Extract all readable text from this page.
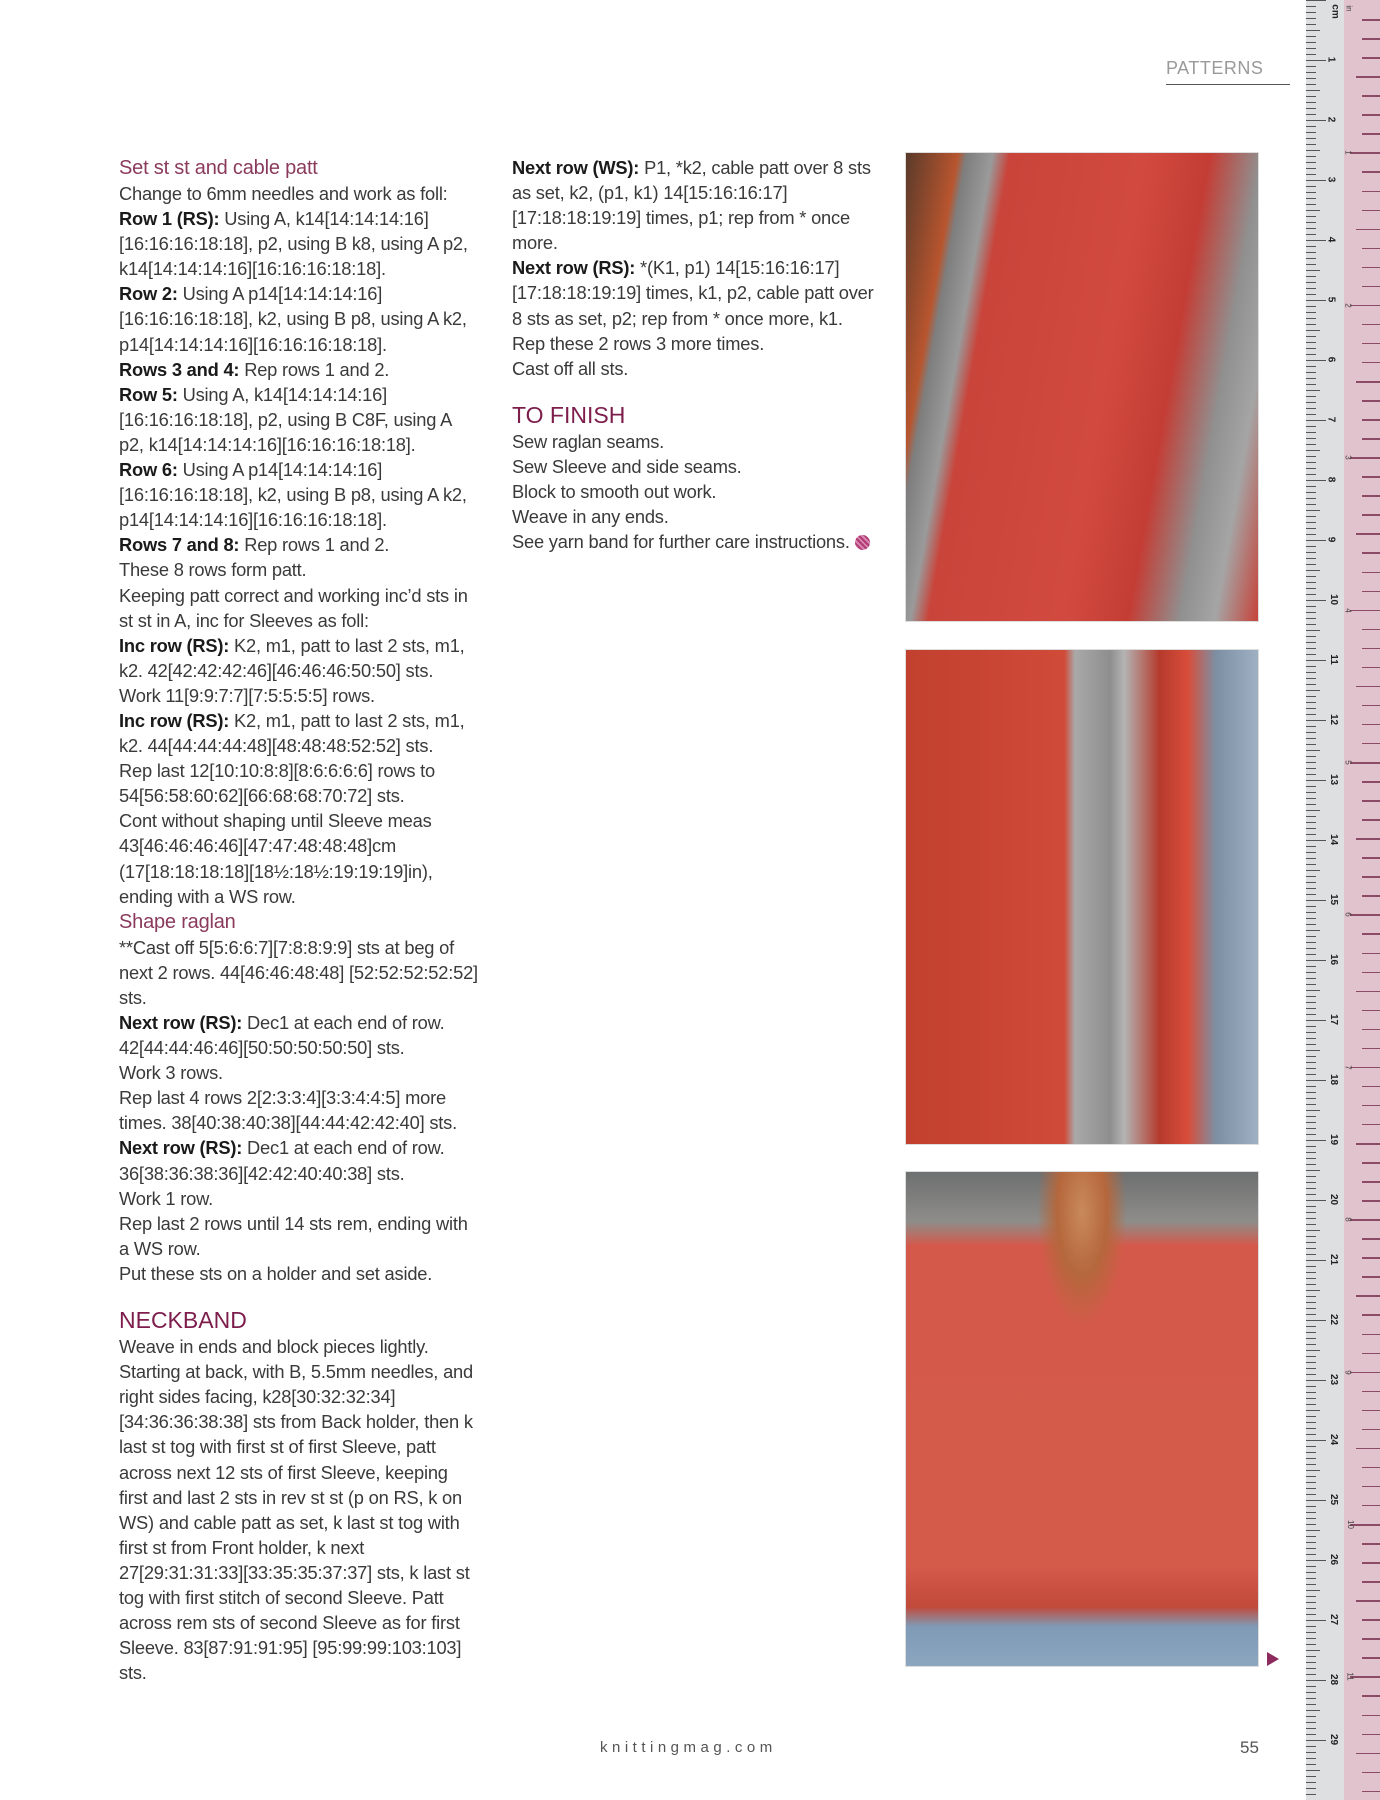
PATTERNS
Set st st and cable patt
Change to 6mm needles and work as foll:
Row 1 (RS): Using A, k14[14:14:14:16] [16:16:16:18:18], p2, using B k8, using A p2, k14[14:14:14:16][16:16:16:18:18].
Row 2: Using A p14[14:14:14:16] [16:16:16:18:18], k2, using B p8, using A k2, p14[14:14:14:16][16:16:16:18:18].
Rows 3 and 4: Rep rows 1 and 2.
Row 5: Using A, k14[14:14:14:16] [16:16:16:18:18], p2, using B C8F, using A p2, k14[14:14:14:16][16:16:16:18:18].
Row 6: Using A p14[14:14:14:16] [16:16:16:18:18], k2, using B p8, using A k2, p14[14:14:14:16][16:16:16:18:18].
Rows 7 and 8: Rep rows 1 and 2.
These 8 rows form patt.
Keeping patt correct and working inc’d sts in st st in A, inc for Sleeves as foll:
Inc row (RS): K2, m1, patt to last 2 sts, m1, k2. 42[42:42:42:46][46:46:46:50:50] sts.
Work 11[9:9:7:7][7:5:5:5:5] rows.
Inc row (RS): K2, m1, patt to last 2 sts, m1, k2. 44[44:44:44:48][48:48:48:52:52] sts.
Rep last 12[10:10:8:8][8:6:6:6:6] rows to 54[56:58:60:62][66:68:68:70:72] sts.
Cont without shaping until Sleeve meas 43[46:46:46:46][47:47:48:48:48]cm (17[18:18:18:18][18½:18½:19:19:19]in), ending with a WS row.
Shape raglan
**Cast off 5[5:6:6:7][7:8:8:9:9] sts at beg of next 2 rows. 44[46:46:48:48] [52:52:52:52:52] sts.
Next row (RS): Dec1 at each end of row. 42[44:44:46:46][50:50:50:50:50] sts.
Work 3 rows.
Rep last 4 rows 2[2:3:3:4][3:3:4:4:5] more times. 38[40:38:40:38][44:44:42:42:40] sts.
Next row (RS): Dec1 at each end of row. 36[38:36:38:36][42:42:40:40:38] sts.
Work 1 row.
Rep last 2 rows until 14 sts rem, ending with a WS row.
Put these sts on a holder and set aside.
NECKBAND
Weave in ends and block pieces lightly. Starting at back, with B, 5.5mm needles, and right sides facing, k28[30:32:32:34] [34:36:36:38:38] sts from Back holder, then k last st tog with first st of first Sleeve, patt across next 12 sts of first Sleeve, keeping first and last 2 sts in rev st st (p on RS, k on WS) and cable patt as set, k last st tog with first st from Front holder, k next 27[29:31:31:33][33:35:35:37:37] sts, k last st tog with first stitch of second Sleeve. Patt across rem sts of second Sleeve as for first Sleeve. 83[87:91:91:95] [95:99:99:103:103] sts.
Next row (WS): P1, *k2, cable patt over 8 sts as set, k2, (p1, k1) 14[15:16:16:17] [17:18:18:19:19] times, p1; rep from * once more.
Next row (RS): *(K1, p1) 14[15:16:16:17] [17:18:18:19:19] times, k1, p2, cable patt over 8 sts as set, p2; rep from * once more, k1.
Rep these 2 rows 3 more times.
Cast off all sts.
TO FINISH
Sew raglan seams.
Sew Sleeve and side seams.
Block to smooth out work.
Weave in any ends.
See yarn band for further care instructions.
knittingmag.com	55
cm in
1
2
3
4
5
6
7
8
9
10
11
12
13
14
15
16
17
18
19
20
21
22
23
24
25
26
27
28
29
1
2
3
4
5
6
7
8
9
10
11
